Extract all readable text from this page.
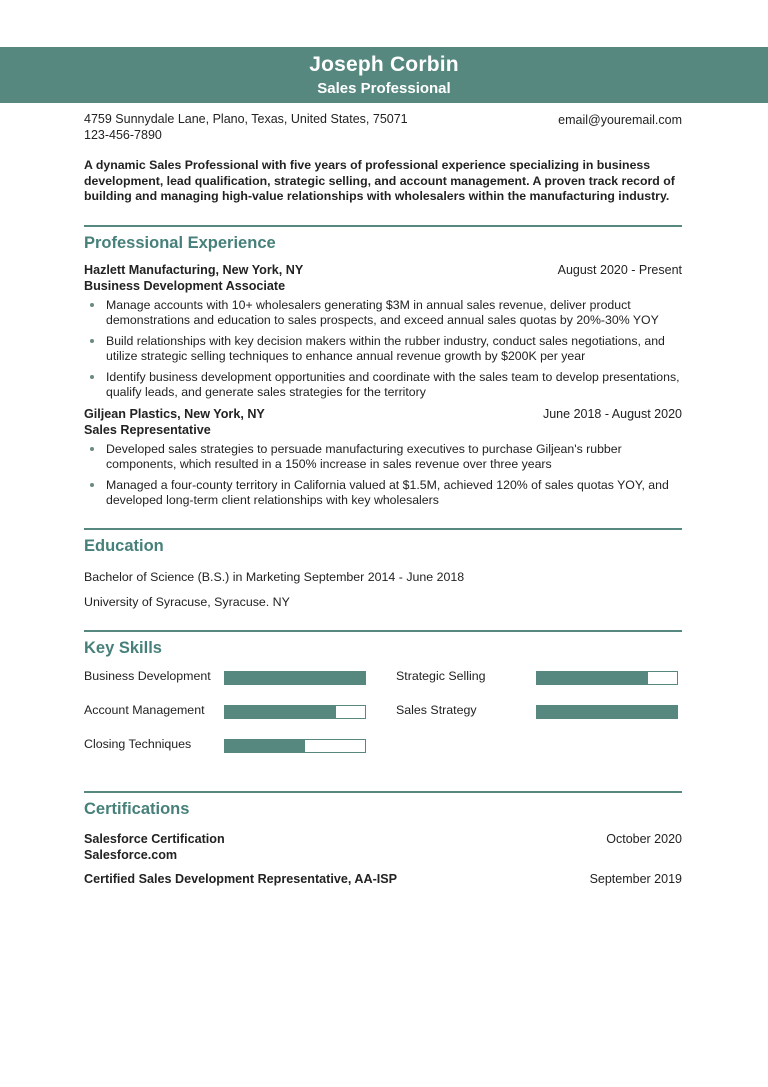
Joseph Corbin
Sales Professional
4759 Sunnydale Lane, Plano, Texas, United States, 75071
123-456-7890
email@youremail.com
A dynamic Sales Professional with five years of professional experience specializing in business development, lead qualification, strategic selling, and account management. A proven track record of building and managing high-value relationships with wholesalers within the manufacturing industry.
Professional Experience
Hazlett Manufacturing, New York, NY	August 2020 - Present
Business Development Associate
Manage accounts with 10+ wholesalers generating $3M in annual sales revenue, deliver product demonstrations and education to sales prospects, and exceed annual sales quotas by 20%-30% YOY
Build relationships with key decision makers within the rubber industry, conduct sales negotiations, and utilize strategic selling techniques to enhance annual revenue growth by $200K per year
Identify business development opportunities and coordinate with the sales team to develop presentations, qualify leads, and generate sales strategies for the territory
Giljean Plastics, New York, NY	June 2018 - August 2020
Sales Representative
Developed sales strategies to persuade manufacturing executives to purchase Giljean's rubber components, which resulted in a 150% increase in sales revenue over three years
Managed a four-county territory in California valued at $1.5M, achieved 120% of sales quotas YOY, and developed long-term client relationships with key wholesalers
Education
Bachelor of Science (B.S.) in Marketing September 2014 - June 2018
University of Syracuse, Syracuse. NY
Key Skills
Business Development	Strategic Selling
Account Management	Sales Strategy
Closing Techniques
Certifications
Salesforce Certification	October 2020
Salesforce.com
Certified Sales Development Representative, AA-ISP	September 2019
